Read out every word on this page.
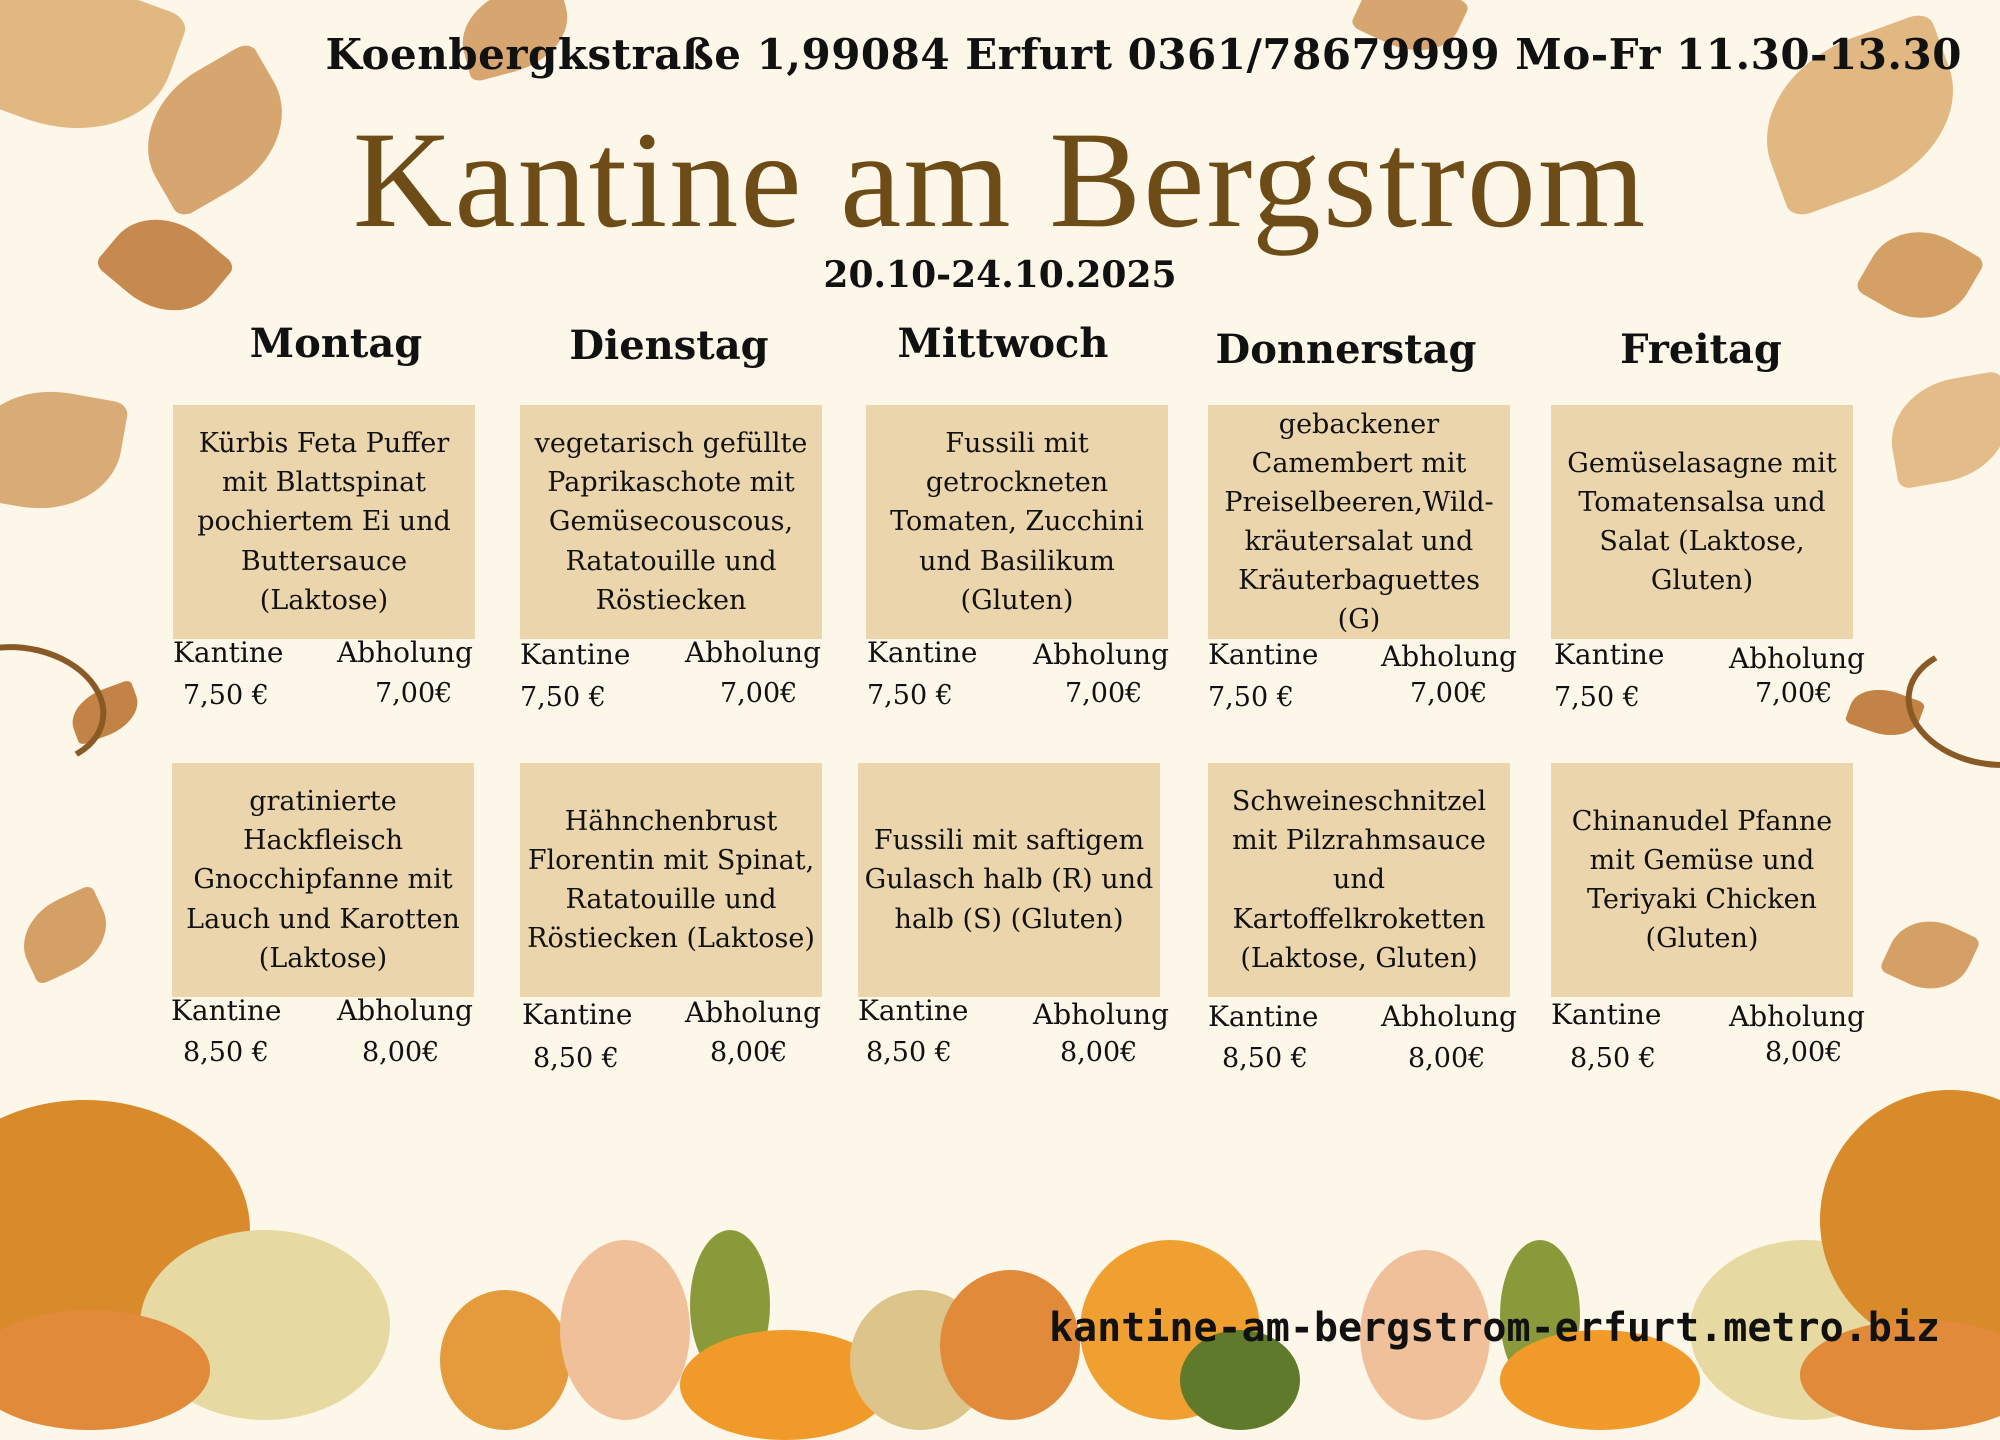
Koenbergkstraße 1,99084 Erfurt 0361/78679999 Mo-Fr 11.30-13.30
Kantine am Bergstrom
20.10-24.10.2025
Montag	Dienstag	Mittwoch	Donnerstag	Freitag
Kürbis Feta Puffer mit Blattspinat pochiertem Ei und Buttersauce (Laktose)
vegetarisch gefüllte Paprikaschote mit Gemüsecouscous, Ratatouille und Röstiecken
Fussili mit getrockneten Tomaten, Zucchini und Basilikum (Gluten)
gebackener Camembert mit Preiselbeeren,Wild-kräutersalat und Kräuterbaguettes (G)
Gemüselasagne mit Tomatensalsa und Salat (Laktose, Gluten)
Kantine Abholung
7,50 €	7,00€
Kantine Abholung
7,50 €	7,00€
Kantine Abholung
7,50 €	7,00€
Kantine Abholung
7,50 €	7,00€
Kantine Abholung
7,50 €	7,00€
gratinierte Hackfleisch Gnocchipfanne mit Lauch und Karotten (Laktose)
Hähnchenbrust Florentin mit Spinat, Ratatouille und Röstiecken (Laktose)
Fussili mit saftigem Gulasch halb (R) und halb (S) (Gluten)
Schweineschnitzel mit Pilzrahmsauce und Kartoffelkroketten (Laktose, Gluten)
Chinanudel Pfanne mit Gemüse und Teriyaki Chicken (Gluten)
Kantine Abholung
8,50 €	8,00€
Kantine Abholung
8,50 €	8,00€
Kantine Abholung
8,50 €	8,00€
Kantine Abholung
8,50 €	8,00€
Kantine Abholung
8,50 €	8,00€
kantine-am-bergstrom-erfurt.metro.biz
